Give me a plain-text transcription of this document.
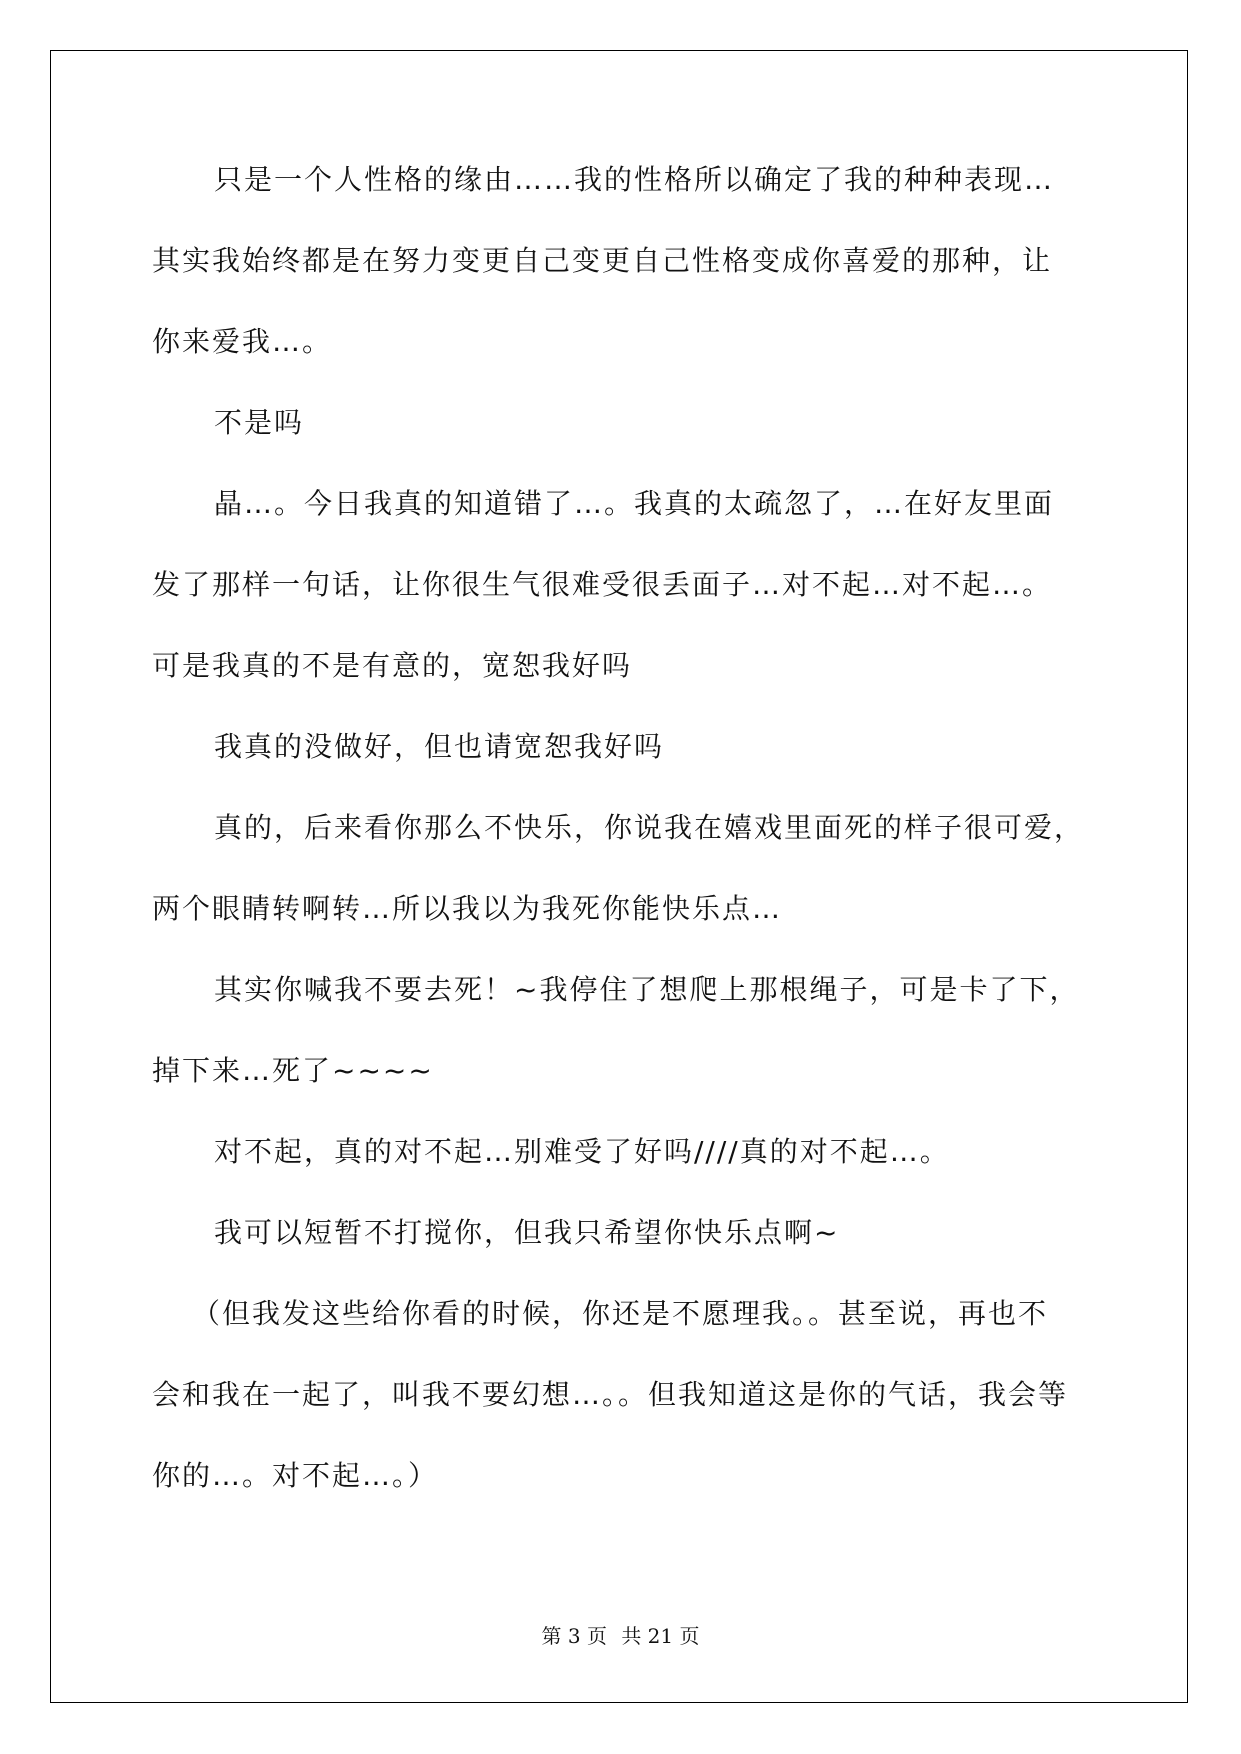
只是一个人性格的缘由……我的性格所以确定了我的种种表现…
其实我始终都是在努力变更自己变更自己性格变成你喜爱的那种，让
你来爱我…。
不是吗
晶…。今日我真的知道错了…。我真的太疏忽了，…在好友里面
发了那样一句话，让你很生气很难受很丢面子…对不起…对不起…。
可是我真的不是有意的，宽恕我好吗
我真的没做好，但也请宽恕我好吗
真的，后来看你那么不快乐，你说我在嬉戏里面死的样子很可爱，
两个眼睛转啊转…所以我以为我死你能快乐点…
其实你喊我不要去死！~我停住了想爬上那根绳子，可是卡了下，
掉下来…死了~~~~
对不起，真的对不起…别难受了好吗////真的对不起…。
我可以短暂不打搅你，但我只希望你快乐点啊~
（但我发这些给你看的时候，你还是不愿理我。。甚至说，再也不
会和我在一起了，叫我不要幻想…。。但我知道这是你的气话，我会等
你的…。对不起…。）
第 3 页 共 21 页
